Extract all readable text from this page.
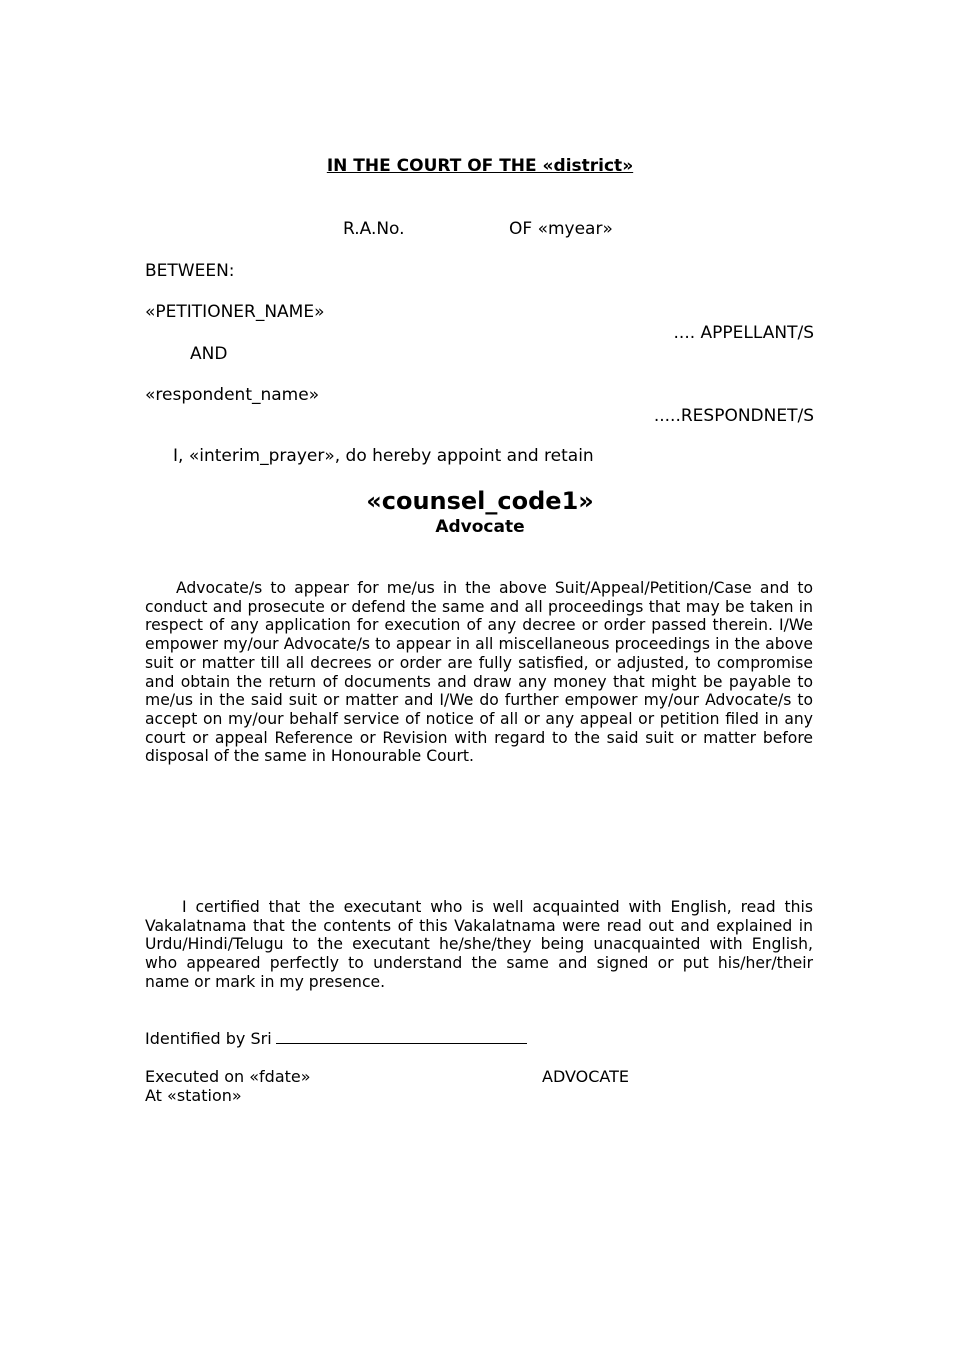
IN THE COURT OF THE «district»
R.A.No.	OF «myear»
BETWEEN:
«PETITIONER_NAME»
.... APPELLANT/S
AND
«respondent_name»
.....RESPONDNET/S
I, «interim_prayer», do hereby appoint and retain
«counsel_code1»
Advocate
Advocate/s to appear for me/us in the above Suit/Appeal/Petition/Case and to conduct and prosecute or defend the same and all proceedings that may be taken in respect of any application for execution of any decree or order passed therein. I/We empower my/our Advocate/s to appear in all miscellaneous proceedings in the above suit or matter till all decrees or order are fully satisfied, or adjusted, to compromise and obtain the return of documents and draw any money that might be payable to me/us in the said suit or matter and I/We do further empower my/our Advocate/s to accept on my/our behalf service of notice of all or any appeal or petition filed in any court or appeal Reference or Revision with regard to the said suit or matter before disposal of the same in Honourable Court.
I certified that the executant who is well acquainted with English, read this Vakalatnama that the contents of this Vakalatnama were read out and explained in Urdu/Hindi/Telugu to the executant he/she/they being unacquainted with English, who appeared perfectly to understand the same and signed or put his/her/their name or mark in my presence.
Identified by Sri
Executed on «fdate»	ADVOCATE
At «station»
